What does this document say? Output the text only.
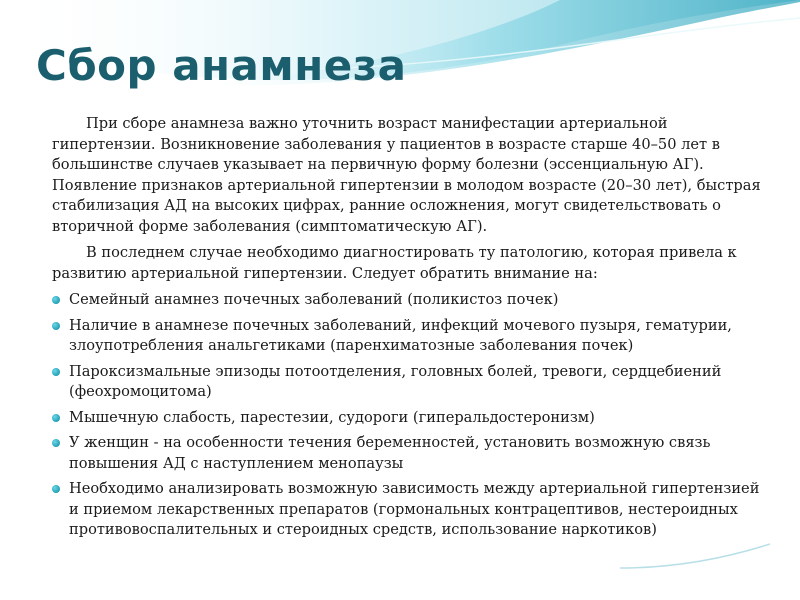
Сбор анамнеза

При сборе анамнеза важно уточнить возраст манифестации артериальной гипертензии. Возникновение заболевания у пациентов в возрасте старше 40–50 лет в большинстве случаев указывает на первичную форму болезни (эссенциальную АГ). Появление признаков артериальной гипертензии в молодом возрасте (20–30 лет), быстрая стабилизация АД на высоких цифрах, ранние осложнения, могут свидетельствовать о вторичной форме заболевания (симптоматическую АГ).

В последнем случае необходимо диагностировать ту патологию, которая привела к развитию артериальной гипертензии. Следует обратить внимание на:

Семейный анамнез почечных заболеваний (поликистоз почек)
Наличие в анамнезе почечных заболеваний, инфекций мочевого пузыря, гематурии, злоупотребления анальгетиками (паренхиматозные заболевания почек)
Пароксизмальные эпизоды потоотделения, головных болей, тревоги, сердцебиений (феохромоцитома)
Мышечную слабость, парестезии, судороги (гиперальдостеронизм)
У женщин - на особенности течения беременностей, установить возможную связь повышения АД с наступлением менопаузы
Необходимо анализировать возможную зависимость между артериальной гипертензией и приемом лекарственных препаратов (гормональных контрацептивов, нестероидных противовоспалительных и стероидных средств, использование наркотиков)
